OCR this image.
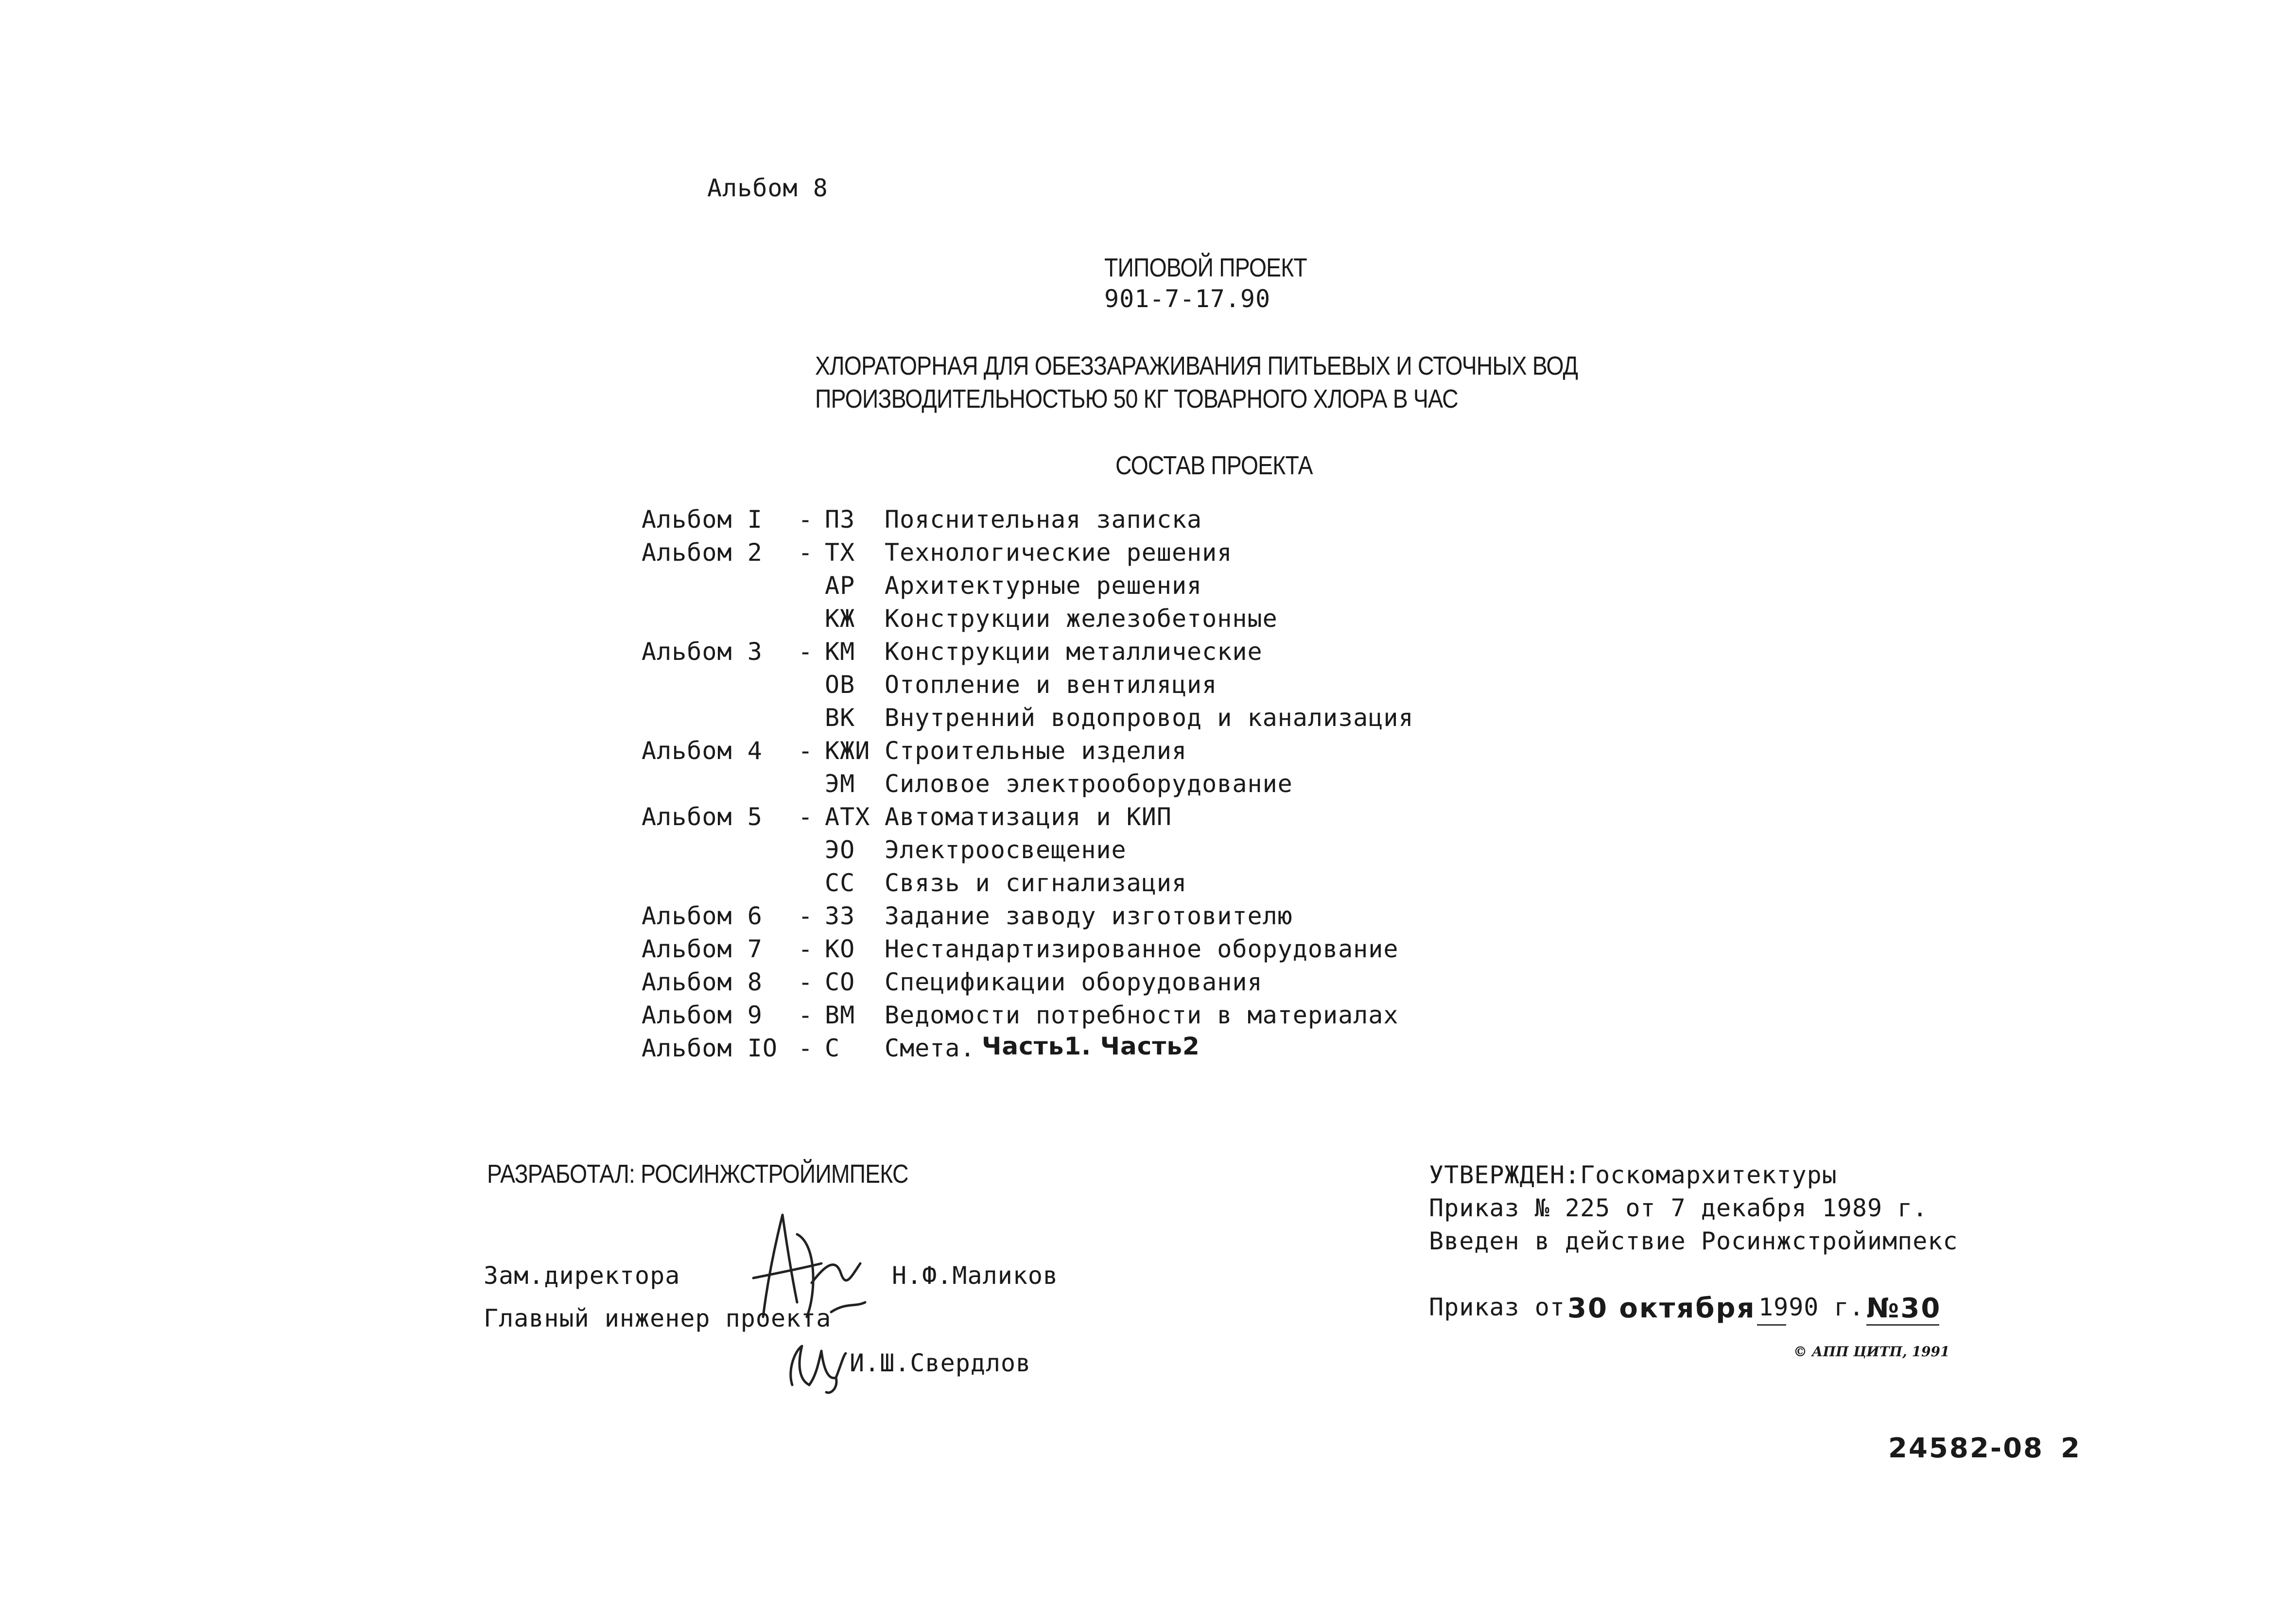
Альбом 8
ТИПОВОЙ ПРОЕКТ
901-7-17.90
ХЛОРАТОРНАЯ ДЛЯ ОБЕЗЗАРАЖИВАНИЯ ПИТЬЕВЫХ И СТОЧНЫХ ВОД
ПРОИЗВОДИТЕЛЬНОСТЬЮ 50 КГ ТОВАРНОГО ХЛОРА В ЧАС
СОСТАВ ПРОЕКТА
Альбом I - ПЗ Пояснительная записка
Альбом 2 - ТХ Технологические решения
АР Архитектурные решения
КЖ Конструкции железобетонные
Альбом 3 - КМ Конструкции металлические
ОВ Отопление и вентиляция
ВК Внутренний водопровод и канализация
Альбом 4 - КЖИ Строительные изделия
ЭМ Силовое электрооборудование
Альбом 5 - АТХ Автоматизация и КИП
ЭО Электроосвещение
СС Связь и сигнализация
Альбом 6 - ЗЗ Задание заводу изготовителю
Альбом 7 - КО Нестандартизированное оборудование
Альбом 8 - СО Спецификации оборудования
Альбом 9 - ВМ Ведомости потребности в материалах
Альбом IO - С Смета. Часть1. Часть2
РАЗРАБОТАЛ: РОСИНЖСТРОЙИМПЕКС
Зам.директора	Н.Ф.Маликов
Главный инженер проекта
И.Ш.Свердлов
УТВЕРЖДЕН:Госкомархитектуры
Приказ № 225 от 7 декабря 1989 г.
Введен в действие Росинжстройимпекс
Приказ от 30 октября 1990 г. №30
© АПП ЦИТП, 1991
24582-08 2
